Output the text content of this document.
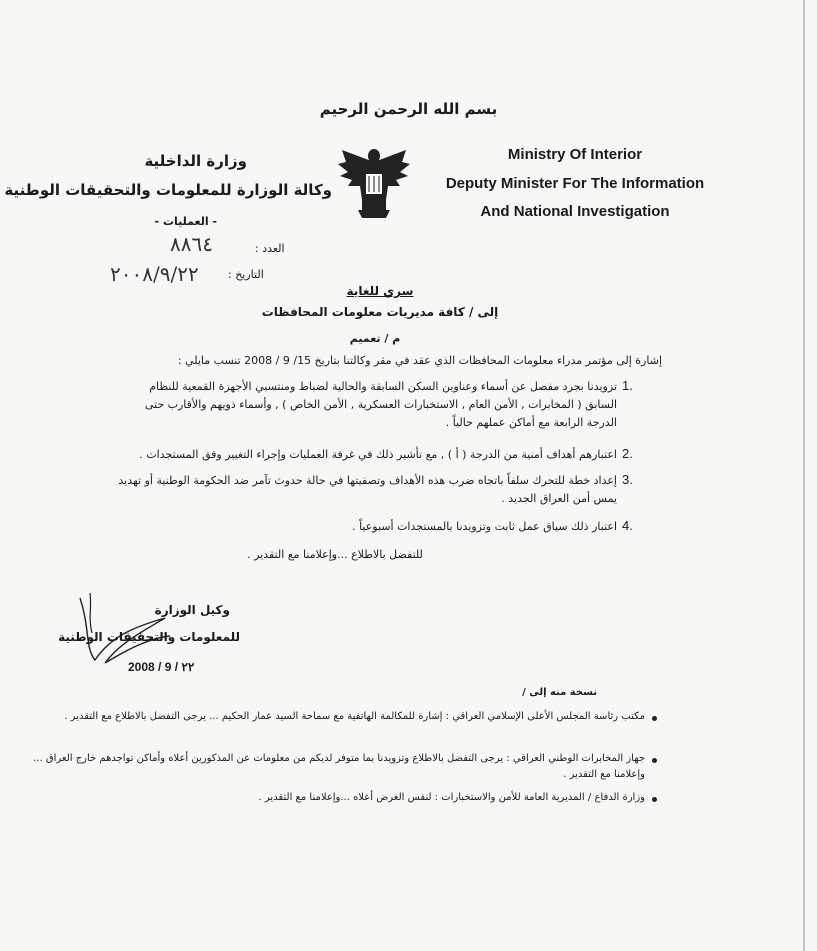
بسم الله الرحمن الرحيم
Ministry Of Interior
Deputy Minister For The Information
And National Investigation
وزارة الداخلية
وكالة الوزارة للمعلومات والتحقيقات الوطنية
- العمليات -
العدد :
٨٨٦٤
التاريخ :
٢٠٠٨/٩/٢٢
سري للغاية
إلى / كافة مديريات معلومات المحافظات
م / تعميم
إشارة إلى مؤتمر مدراء معلومات المحافظات الذي عقد في مقر وكالتنا بتاريخ 15/ 9 / 2008 تنسب مايلي :
1.
تزويدنا بجرد مفصل عن أسماء وعناوين السكن السابقة والحالية لضباط ومنتسبي الأجهزة القمعية للنظام السابق ( المخابرات , الأمن العام , الاستخبارات العسكرية , الأمن الخاص ) , وأسماء ذويهم والأقارب حتى الدرجة الرابعة مع أماكن عملهم حالياً .
2.
اعتبارهم أهداف أمنية من الدرجة ( أ ) , مع تأشير ذلك في غرفة العمليات وإجراء التغيير وفق المستجدات .
3.
إعداد خطة للتحرك سلفاً باتجاه ضرب هذه الأهداف وتصفيتها في حالة حدوث تآمر ضد الحكومة الوطنية أو تهديد يمس أمن العراق الجديد .
4.
اعتبار ذلك سياق عمل ثابت وتزويدنا بالمستجدات أسبوعياً .
للتفضل بالاطلاع ...وإعلامنا مع التقدير .
وكيل الوزارة
للمعلومات والتحقيقات الوطنية
2008 / 9 / ٢٢
نسخة منه إلى /
مكتب رئاسة المجلس الأعلى الإسلامي العراقي : إشارة للمكالمة الهاتفية مع سماحة السيد عمار الحكيم ... يرجى التفضل بالاطلاع مع التقدير .
جهاز المخابرات الوطني العراقي : يرجى التفضل بالاطلاع وتزويدنا بما متوفر لديكم من معلومات عن المذكورين أعلاه وأماكن تواجدهم خارج العراق ... وإعلامنا مع التقدير .
وزارة الدفاع / المديرية العامة للأمن والاستخبارات : لنفس الغرض أعلاه ...وإعلامنا مع التقدير .
